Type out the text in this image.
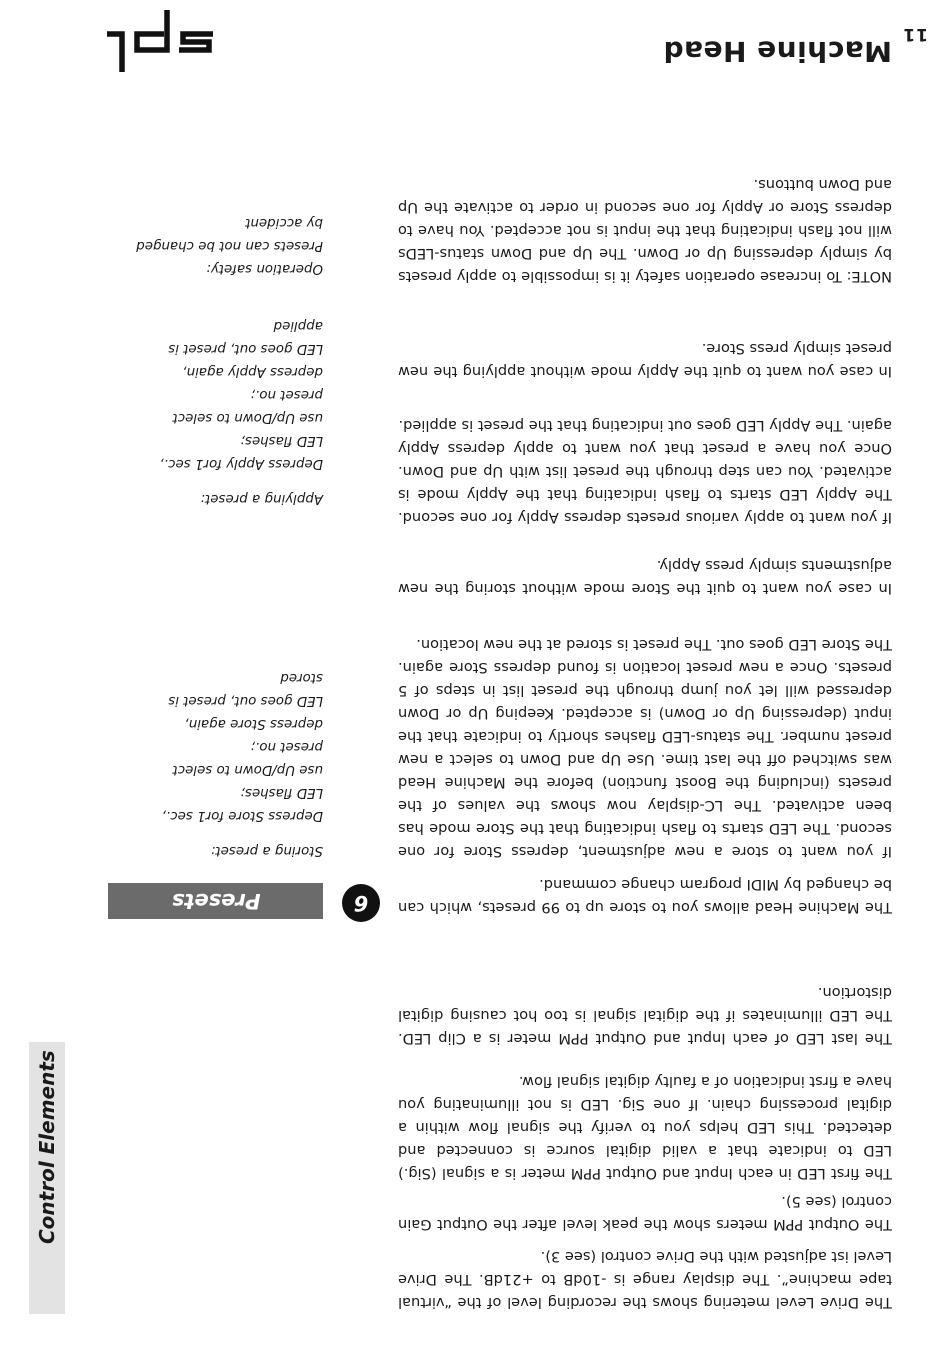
11
Machine Head
Control Elements

The Drive Level metering shows the recording level of the “virtual tape machine”. The display range is -10dB to +21dB. The Drive Level ist adjusted with the Drive control (see 3).

The Output PPM meters show the peak level after the Output Gain control (see 5).

The first LED in each Input and Output PPM meter is a signal (Sig.) LED to indicate that a valid digital source is connected and detected. This LED helps you to verify the signal flow within a digital processing chain. If one Sig. LED is not illuminating you have a first indication of a faulty digital signal flow.

The last LED of each Input and Output PPM meter is a Clip LED. The LED illuminates if the digital signal is too hot causing digital distortion.

6
Presets	The Machine Head allows you to store up to 99 presets, which can be changed by MIDI program change command.

If you want to store a new adjustment, depress Store for one second. The LED starts to flash indicating that the Store mode has been activated. The LC-display now shows the values of the presets (including the Boost function) before the Machine Head was switched off the last time. Use Up and Down to select a new preset number. The status-LED flashes shortly to indicate that the input (depressing Up or Down) is accepted. Keeping Up or Down depressed will let you jump through the preset list in steps of 5 presets. Once a new preset location is found depress Store again. The Store LED goes out. The preset is stored at the new location.

In case you want to quit the Store mode without storing the new adjustments simply press Apply.

If you want to apply various presets depress Apply for one second. The Apply LED starts to flash indicating that the Apply mode is activated. You can step through the preset list with Up and Down. Once you have a preset that you want to apply depress Apply again. The Apply LED goes out indicating that the preset is applied.

In case you want to quit the Apply mode without applying the new preset simply press Store.

NOTE: To increase operation safety it is impossible to apply presets by simply depressing Up or Down. The Up and Down status-LEDs will not flash indicating that the input is not accepted. You have to depress Store or Apply for one second in order to activate the Up and Down buttons.

Storing a preset:
Depress Store for1 sec.,
LED flashes;
use Up/Down to select
preset no.;
depress Store again,
LED goes out, preset is
stored
Applying a preset:
Depress Apply for1 sec.,
LED flashes;
use Up/Down to select
preset no.;
depress Apply again,
LED goes out, preset is
applied
Operation safety:
Presets can not be changed
by accident
